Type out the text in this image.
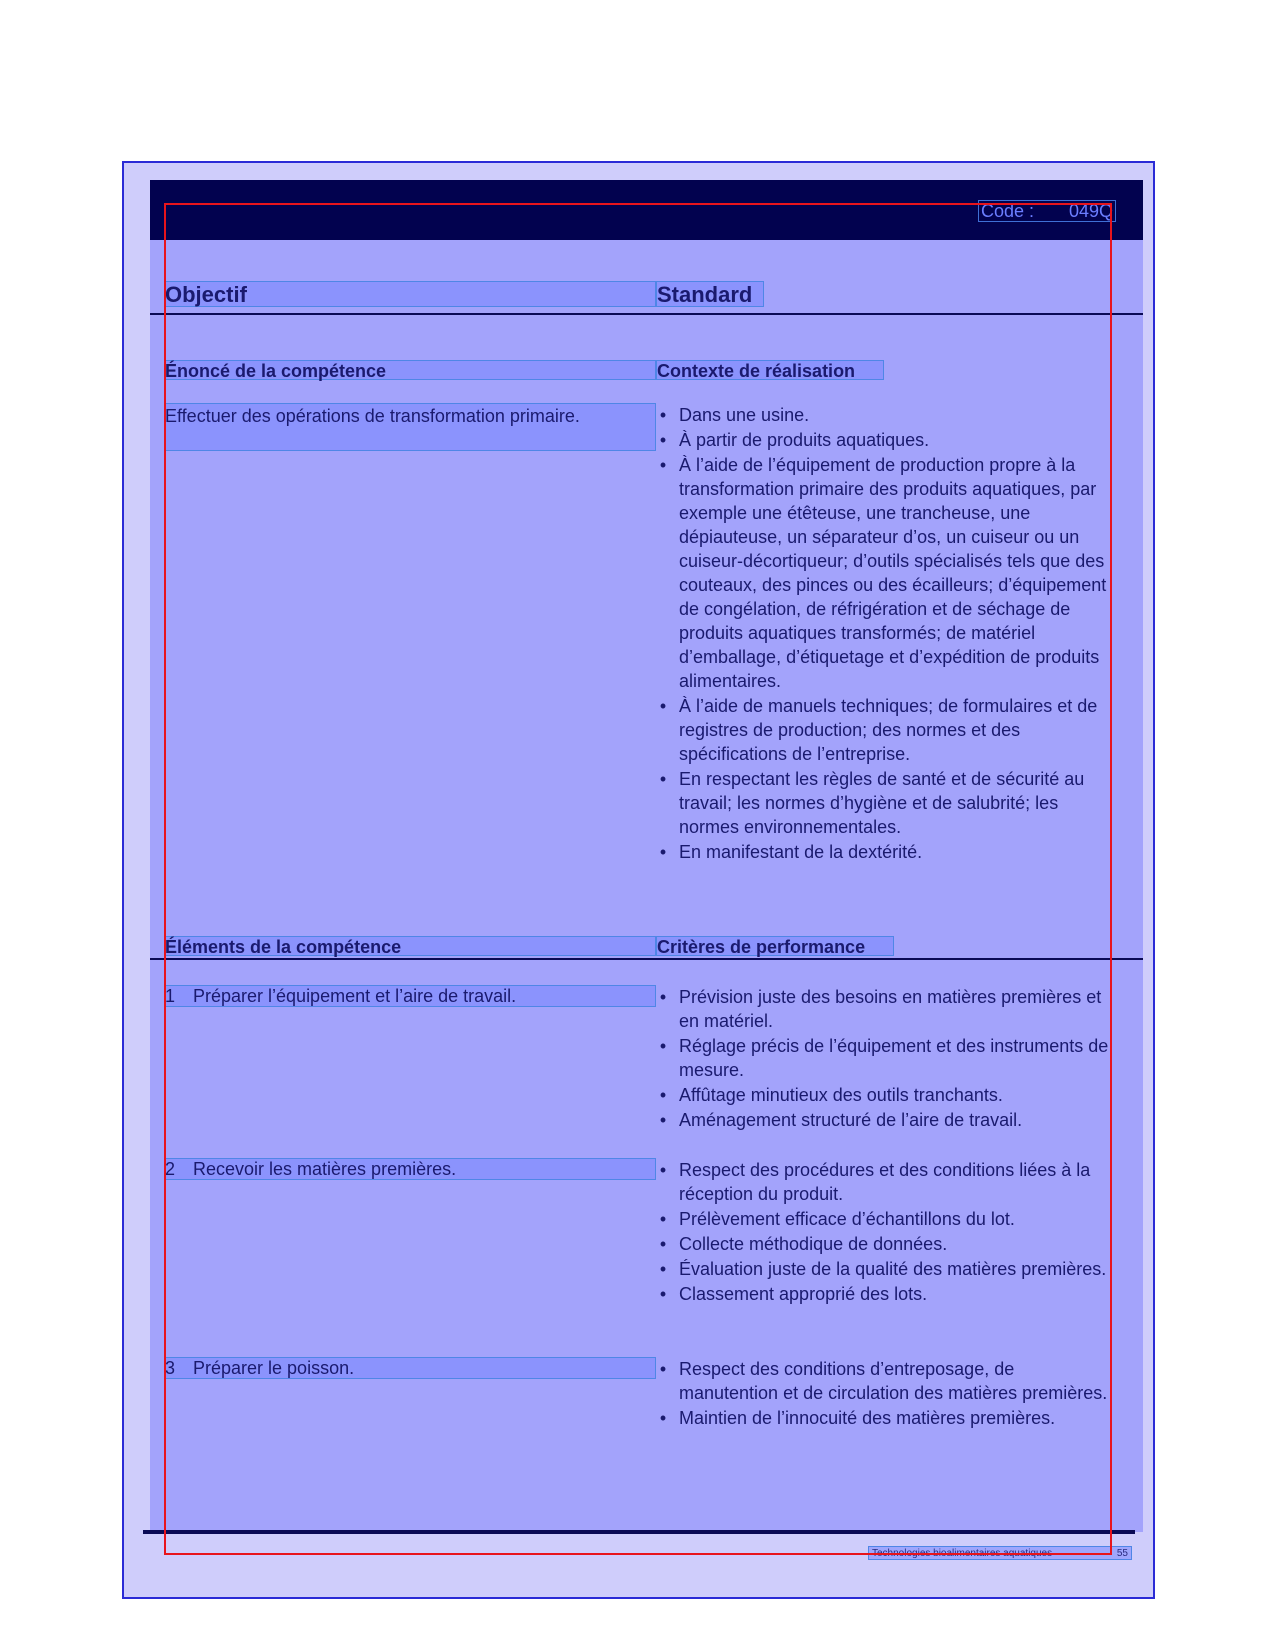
Code : 049Q
Objectif	Standard
Énoncé de la compétence	Contexte de réalisation
Effectuer des opérations de transformation primaire.	• Dans une usine.
• À partir de produits aquatiques.
• À l’aide de l’équipement de production propre à la transformation primaire des produits aquatiques, par exemple une étêteuse, une trancheuse, une dépiauteuse, un séparateur d’os, un cuiseur ou un cuiseur-décortiqueur; d’outils spécialisés tels que des couteaux, des pinces ou des écailleurs; d’équipement de congélation, de réfrigération et de séchage de produits aquatiques transformés; de matériel d’emballage, d’étiquetage et d’expédition de produits alimentaires.
• À l’aide de manuels techniques; de formulaires et de registres de production; des normes et des spécifications de l’entreprise.
• En respectant les règles de santé et de sécurité au travail; les normes d’hygiène et de salubrité; les normes environnementales.
• En manifestant de la dextérité.
Éléments de la compétence	Critères de performance
1 Préparer l’équipement et l’aire de travail.	• Prévision juste des besoins en matières premières et en matériel.
• Réglage précis de l’équipement et des instruments de mesure.
• Affûtage minutieux des outils tranchants.
• Aménagement structuré de l’aire de travail.
2 Recevoir les matières premières.	• Respect des procédures et des conditions liées à la réception du produit.
• Prélèvement efficace d’échantillons du lot.
• Collecte méthodique de données.
• Évaluation juste de la qualité des matières premières.
• Classement approprié des lots.
3 Préparer le poisson.	• Respect des conditions d’entreposage, de manutention et de circulation des matières premières.
• Maintien de l’innocuité des matières premières.
Technologies bioalimentaires aquatiques	55
